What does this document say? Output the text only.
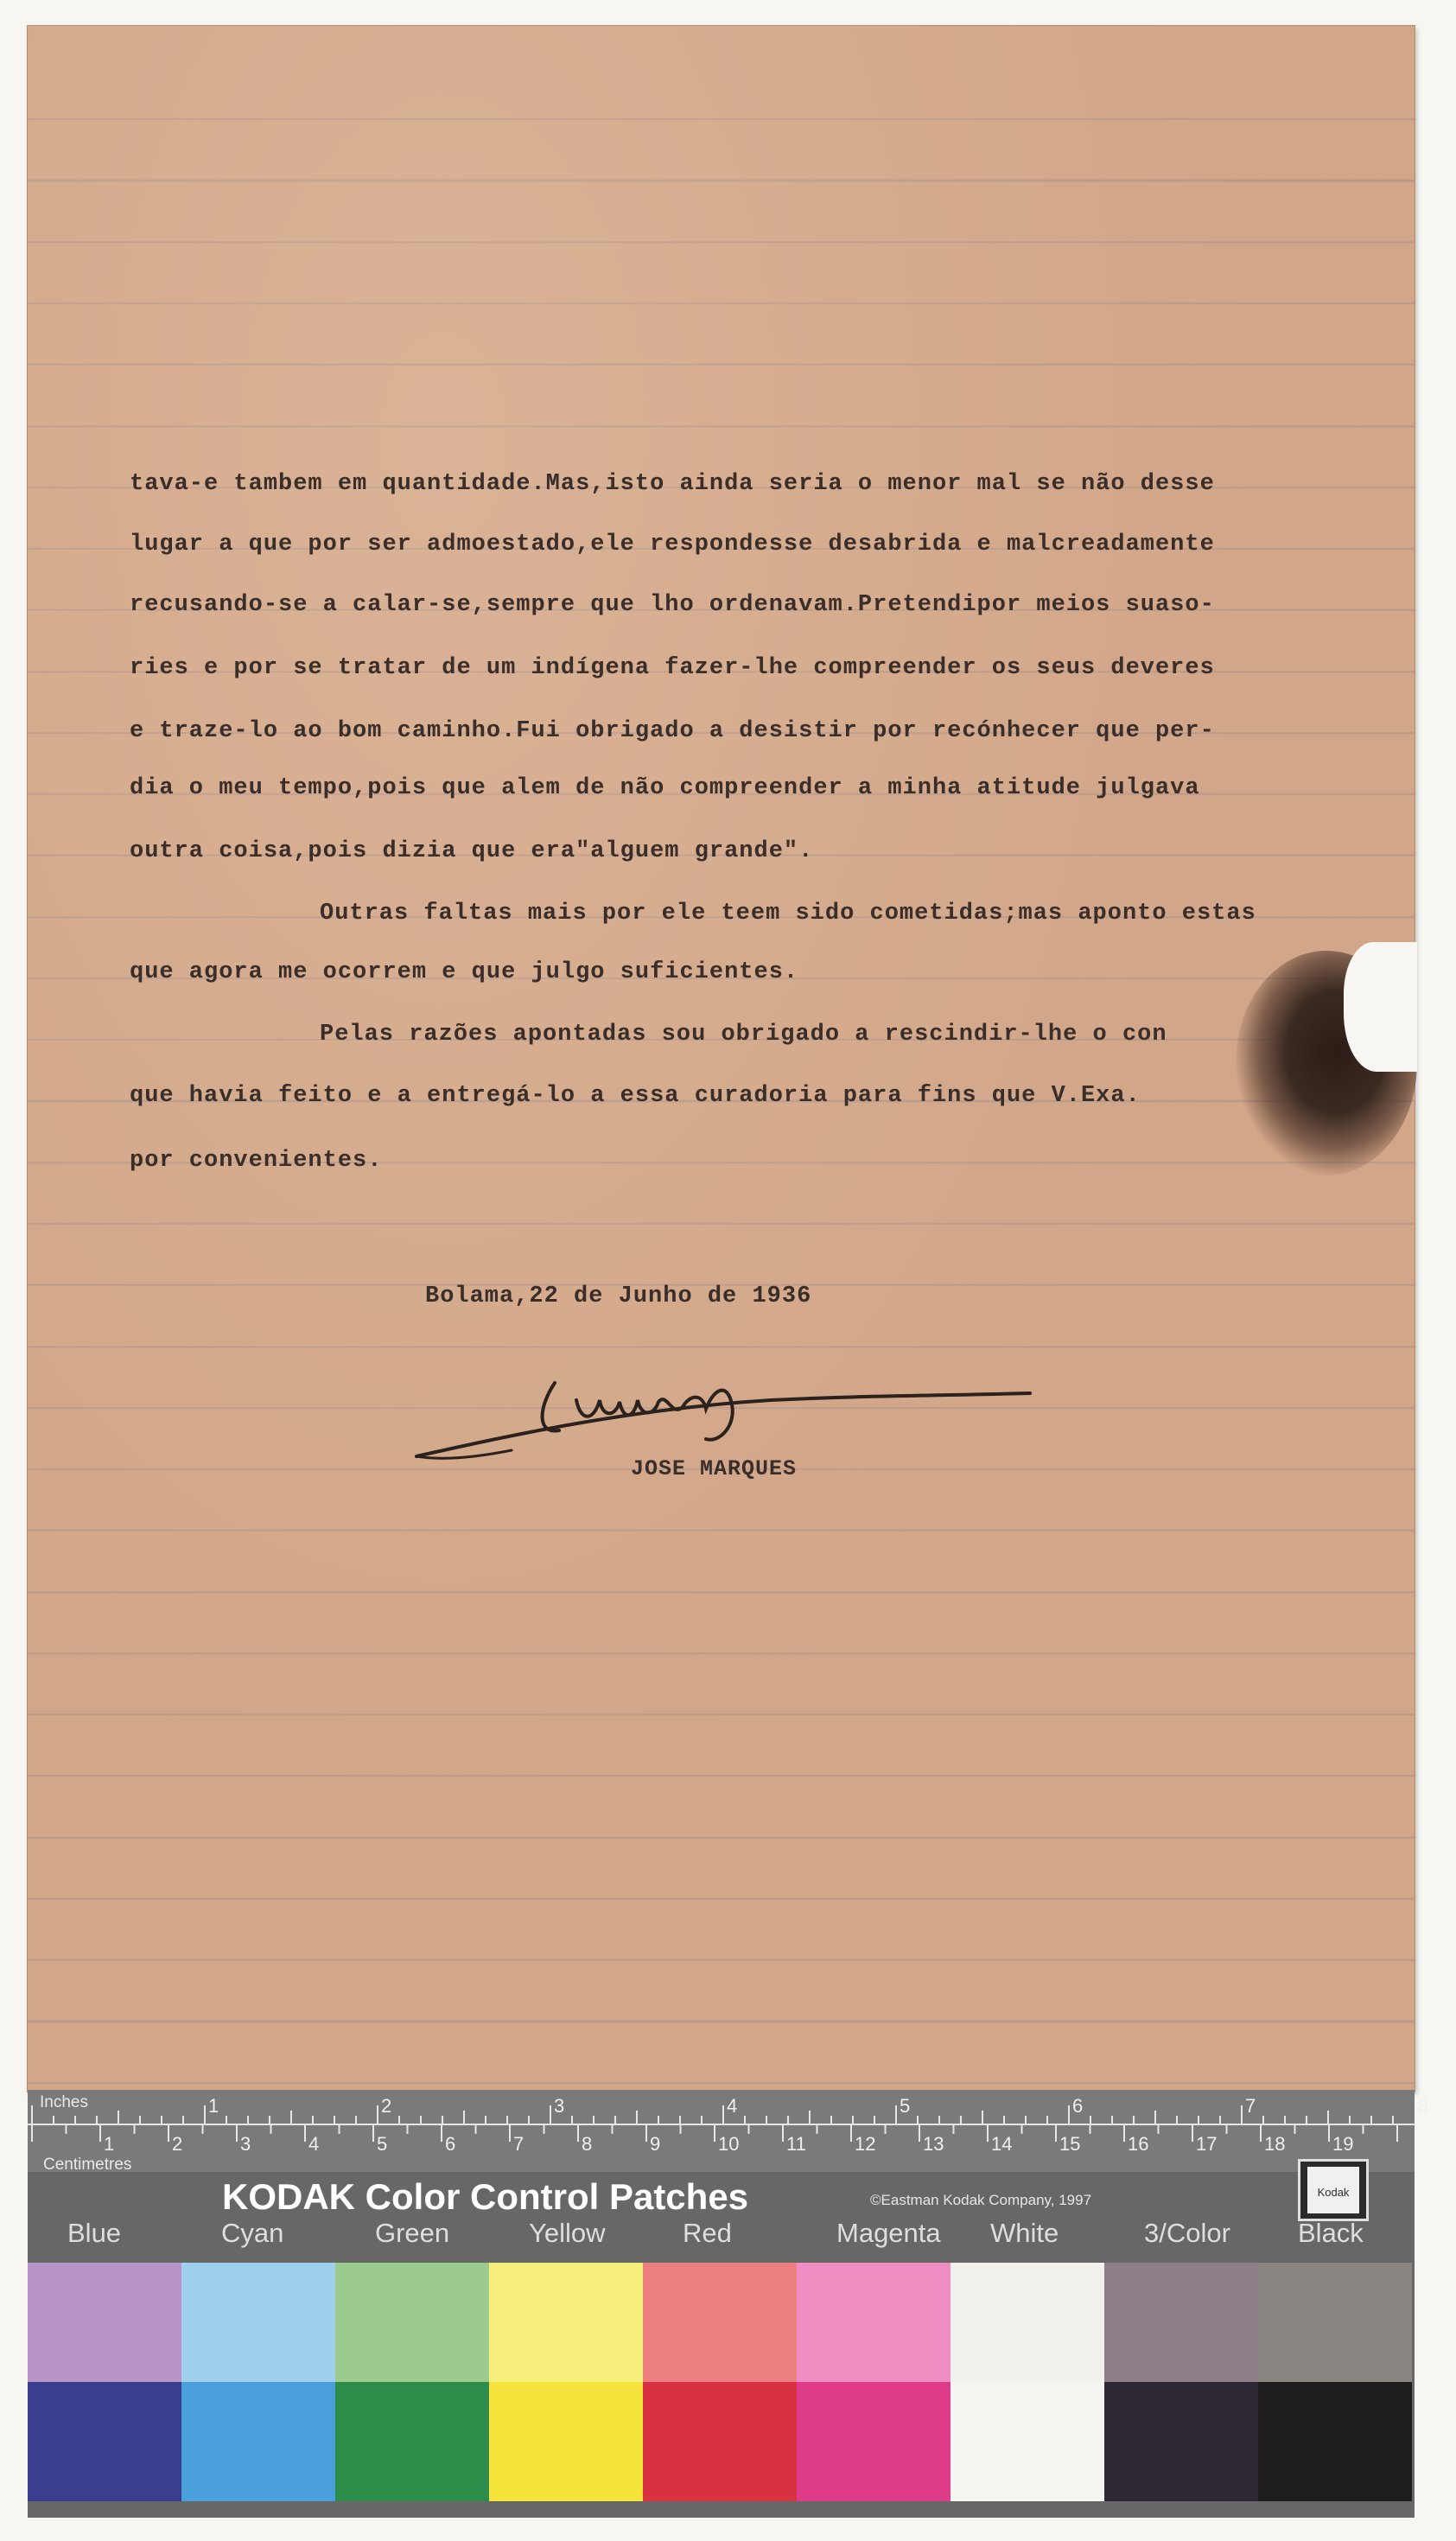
tava-e tambem em quantidade.Mas,isto ainda seria o menor mal se não desse
lugar a que por ser admoestado,ele respondesse desabrida e malcreadamente
recusando-se a calar-se,sempre que lho ordenavam.Pretendipor meios suaso-
ries e por se tratar de um indígena fazer-lhe compreender os seus deveres
e traze-lo ao bom caminho.Fui obrigado a desistir por recónhecer que per-
dia o meu tempo,pois que alem de não compreender a minha atitude julgava
outra coisa,pois dizia que era"alguem grande".
Outras faltas mais por ele teem sido cometidas;mas aponto estas
que agora me ocorrem e que julgo suficientes.
Pelas razões apontadas sou obrigado a rescindir-lhe o con
que havia feito e a entregá-lo a essa curadoria para fins que V.Exa.
por convenientes.
Bolama,22 de Junho de 1936
JOSE MARQUES
Inches
Centimetres
1	2	3	4	5	6	7	8
1	2	3	4	5	6	7	8	9	10 11	12 13 14 15 16 17 18 19
KODAK Color Control Patches	©Eastman Kodak Company, 1997	Kodak
Blue	Cyan	Green	Yellow	Red	Magenta White	3/Color	Black
